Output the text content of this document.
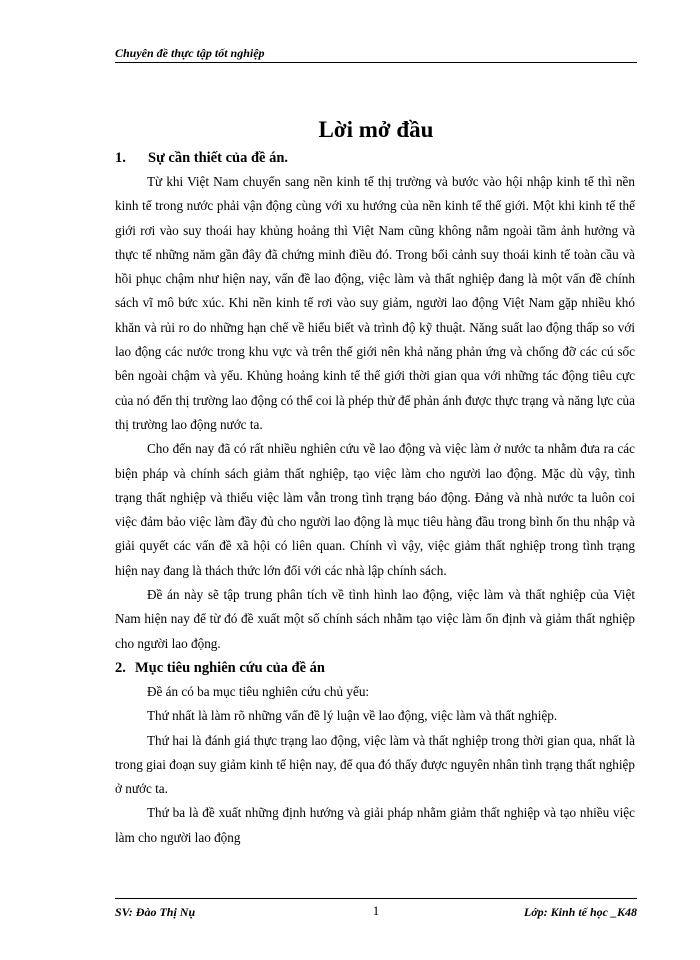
Chuyên đề thực tập tốt nghiệp
Lời mở đầu

1. Sự cần thiết của đề án.

Từ khi Việt Nam chuyển sang nền kinh tế thị trường và bước vào hội nhập kinh tế thì nền kinh tế trong nước phải vận động cùng với xu hướng của nền kinh tế thế giới. Một khi kinh tế thế giới rơi vào suy thoái hay khủng hoảng thì Việt Nam cũng không nằm ngoài tầm ảnh hưởng và thực tế những năm gần đây đã chứng minh điều đó. Trong bối cảnh suy thoái kinh tế toàn cầu và hồi phục chậm như hiện nay, vấn đề lao động, việc làm và thất nghiệp đang là một vấn đề chính sách vĩ mô bức xúc. Khi nền kinh tế rơi vào suy giảm, người lao động Việt Nam gặp nhiều khó khăn và rủi ro do những hạn chế về hiểu biết và trình độ kỹ thuật. Năng suất lao động thấp so với lao động các nước trong khu vực và trên thế giới nên khả năng phản ứng và chống đỡ các cú sốc bên ngoài chậm và yếu. Khủng hoảng kinh tế thế giới thời gian qua với những tác động tiêu cực của nó đến thị trường lao động có thể coi là phép thử để phản ánh được thực trạng và năng lực của thị trường lao động nước ta.

Cho đến nay đã có rất nhiều nghiên cứu về lao động và việc làm ở nước ta nhằm đưa ra các biện pháp và chính sách giảm thất nghiệp, tạo việc làm cho người lao động. Mặc dù vậy, tình trạng thất nghiệp và thiếu việc làm vẫn trong tình trạng báo động. Đảng và nhà nước ta luôn coi việc đảm bảo việc làm đầy đủ cho người lao động là mục tiêu hàng đầu trong bình ổn thu nhập và giải quyết các vấn đề xã hội có liên quan. Chính vì vậy, việc giảm thất nghiệp trong tình trạng hiện nay đang là thách thức lớn đối với các nhà lập chính sách.

Đề án này sẽ tập trung phân tích về tình hình lao động, việc làm và thất nghiệp của Việt Nam hiện nay để từ đó đề xuất một số chính sách nhằm tạo việc làm ổn định và giảm thất nghiệp cho người lao động.

2. Mục tiêu nghiên cứu của đề án

Đề án có ba mục tiêu nghiên cứu chủ yếu:

Thứ nhất là làm rõ những vấn đề lý luận về lao động, việc làm và thất nghiệp.

Thứ hai là đánh giá thực trạng lao động, việc làm và thất nghiệp trong thời gian qua, nhất là trong giai đoạn suy giảm kinh tế hiện nay, để qua đó thấy được nguyên nhân tình trạng thất nghiệp ở nước ta.

Thứ ba là đề xuất những định hướng và giải pháp nhằm giảm thất nghiệp và tạo nhiều việc làm cho người lao động

SV: Đào Thị Nụ	1	Lớp: Kinh tế học _K48
